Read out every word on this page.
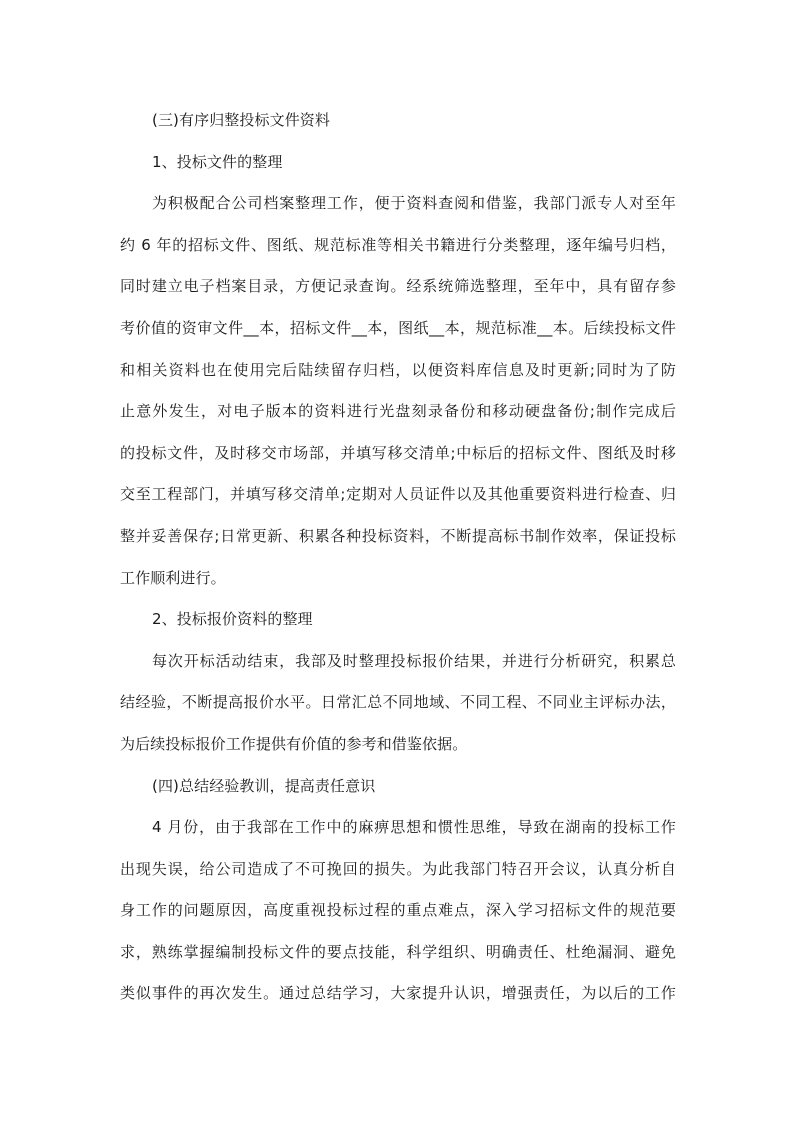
(三)有序归整投标文件资料
1、投标文件的整理
为积极配合公司档案整理工作，便于资料查阅和借鉴，我部门派专人对至年
约 6 年的招标文件、图纸、规范标准等相关书籍进行分类整理，逐年编号归档，
同时建立电子档案目录，方便记录查询。经系统筛选整理，至年中，具有留存参
考价值的资审文件__本，招标文件__本，图纸__本，规范标准__本。后续投标文件
和相关资料也在使用完后陆续留存归档，以便资料库信息及时更新;同时为了防
止意外发生，对电子版本的资料进行光盘刻录备份和移动硬盘备份;制作完成后
的投标文件，及时移交市场部，并填写移交清单;中标后的招标文件、图纸及时移
交至工程部门，并填写移交清单;定期对人员证件以及其他重要资料进行检查、归
整并妥善保存;日常更新、积累各种投标资料，不断提高标书制作效率，保证投标
工作顺利进行。
2、投标报价资料的整理
每次开标活动结束，我部及时整理投标报价结果，并进行分析研究，积累总
结经验，不断提高报价水平。日常汇总不同地域、不同工程、不同业主评标办法，
为后续投标报价工作提供有价值的参考和借鉴依据。
(四)总结经验教训，提高责任意识
4 月份，由于我部在工作中的麻痹思想和惯性思维，导致在湖南的投标工作
出现失误，给公司造成了不可挽回的损失。为此我部门特召开会议，认真分析自
身工作的问题原因，高度重视投标过程的重点难点，深入学习招标文件的规范要
求，熟练掌握编制投标文件的要点技能，科学组织、明确责任、杜绝漏洞、避免
类似事件的再次发生。通过总结学习，大家提升认识，增强责任，为以后的工作
